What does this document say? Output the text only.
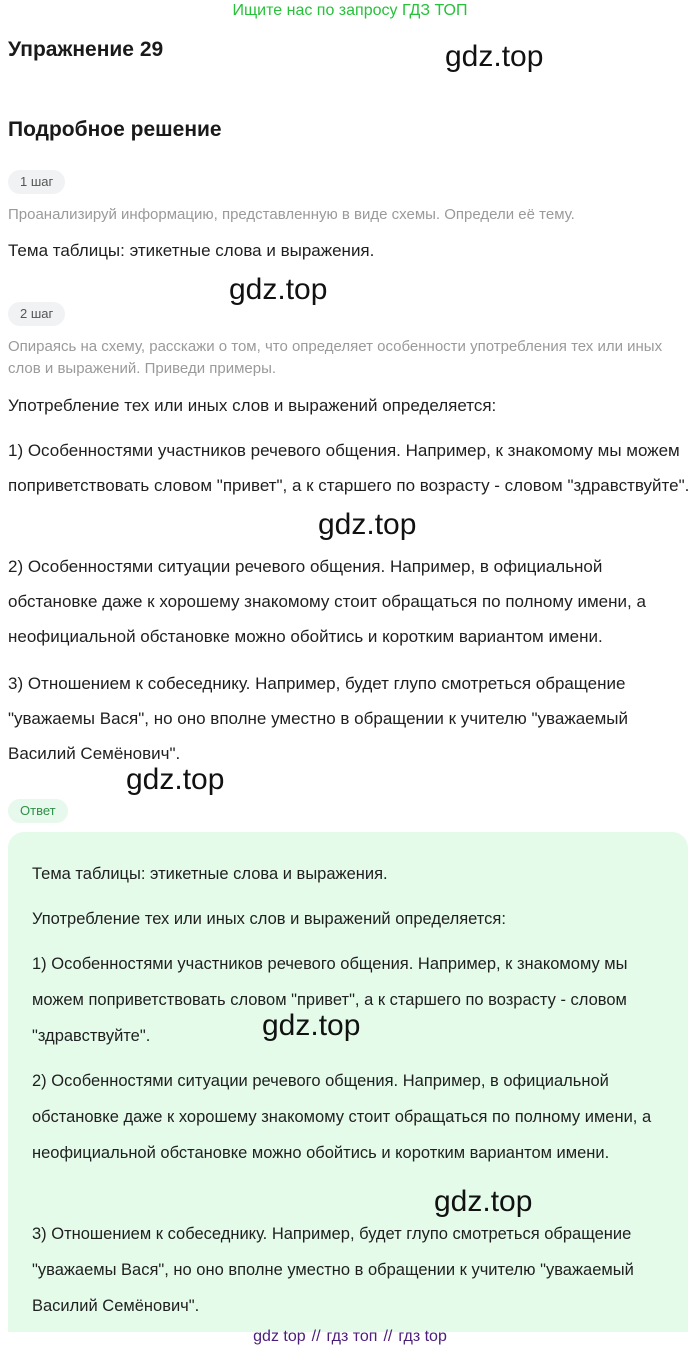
Ищите нас по запросу ГДЗ ТОП
Упражнение 29	gdz.top
Подробное решение
1 шаг

Проанализируй информацию, представленную в виде схемы. Определи её тему.

Тема таблицы: этикетные слова и выражения.

gdz.top
2 шаг

Опираясь на схему, расскажи о том, что определяет особенности употребления тех или иных слов и выражений. Приведи примеры.

Употребление тех или иных слов и выражений определяется:

1) Особенностями участников речевого общения. Например, к знакомому мы можем поприветствовать словом "привет", а к старшего по возрасту - словом "здравствуйте".

gdz.top

2) Особенностями ситуации речевого общения. Например, в официальной обстановке даже к хорошему знакомому стоит обращаться по полному имени, а неофициальной обстановке можно обойтись и коротким вариантом имени.

3) Отношением к собеседнику. Например, будет глупо смотреться обращение "уважаемы Вася", но оно вполне уместно в обращении к учителю "уважаемый Василий Семёнович".

gdz.top
Ответ

Тема таблицы: этикетные слова и выражения.

Употребление тех или иных слов и выражений определяется:

1) Особенностями участников речевого общения. Например, к знакомому мы можем поприветствовать словом "привет", а к старшего по возрасту - словом "здравствуйте".	gdz.top

2) Особенностями ситуации речевого общения. Например, в официальной обстановке даже к хорошему знакомому стоит обращаться по полному имени, а неофициальной обстановке можно обойтись и коротким вариантом имени.

gdz.top

3) Отношением к собеседнику. Например, будет глупо смотреться обращение "уважаемы Вася", но оно вполне уместно в обращении к учителю "уважаемый Василий Семёнович".

gdz top // гдз топ // гдз top
